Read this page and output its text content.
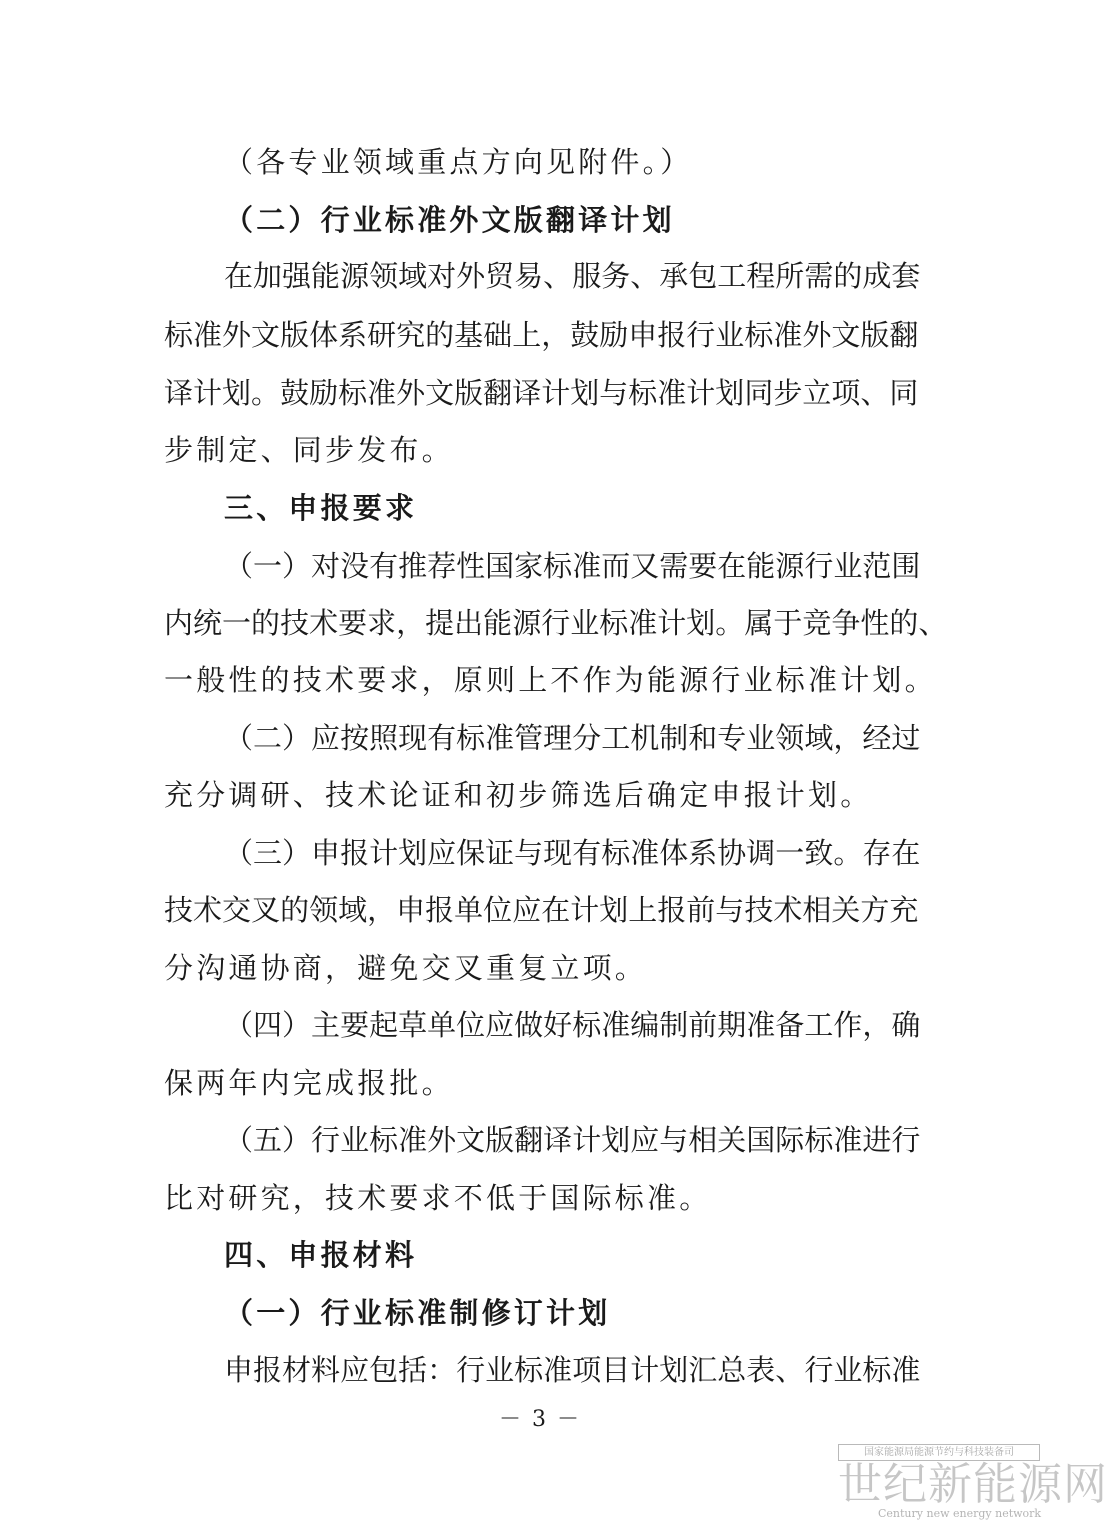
（各专业领域重点方向见附件。）
（二）行业标准外文版翻译计划
在 加 强 能 源 领 域 对 外 贸 易 、 服 务 、 承 包 工 程 所 需 的 成 套
标 准 外 文 版 体 系 研 究 的 基 础 上 ， 鼓 励 申 报 行 业 标 准 外 文 版 翻
译 计 划 。 鼓 励 标 准 外 文 版 翻 译 计 划 与 标 准 计 划 同 步 立 项 、 同
步制定、同步发布。
三、申报要求
（ 一 ） 对 没 有 推 荐 性 国 家 标 准 而 又 需 要 在 能 源 行 业 范 围
内 统 一 的 技 术 要 求 ， 提 出 能 源 行 业 标 准 计 划 。 属 于 竞 争 性 的 、
一般性的技术要求，原则上不作为能源行业标准计划。
（ 二 ） 应 按 照 现 有 标 准 管 理 分 工 机 制 和 专 业 领 域 ， 经 过
充分调研、技术论证和初步筛选后确定申报计划。
（ 三 ） 申 报 计 划 应 保 证 与 现 有 标 准 体 系 协 调 一 致 。 存 在
技 术 交 叉 的 领 域 ， 申 报 单 位 应 在 计 划 上 报 前 与 技 术 相 关 方 充
分沟通协商，避免交叉重复立项。
（ 四 ） 主 要 起 草 单 位 应 做 好 标 准 编 制 前 期 准 备 工 作 ， 确
保两年内完成报批。
（ 五 ） 行 业 标 准 外 文 版 翻 译 计 划 应 与 相 关 国 际 标 准 进 行
比对研究，技术要求不低于国际标准。
四、申报材料
（一）行业标准制修订计划
申 报 材 料 应 包 括 ： 行 业 标 准 项 目 计 划 汇 总 表 、 行 业 标 准
－ 3 －
国家能源局能源节约与科技装备司
世纪新能源网
Century new energy network
